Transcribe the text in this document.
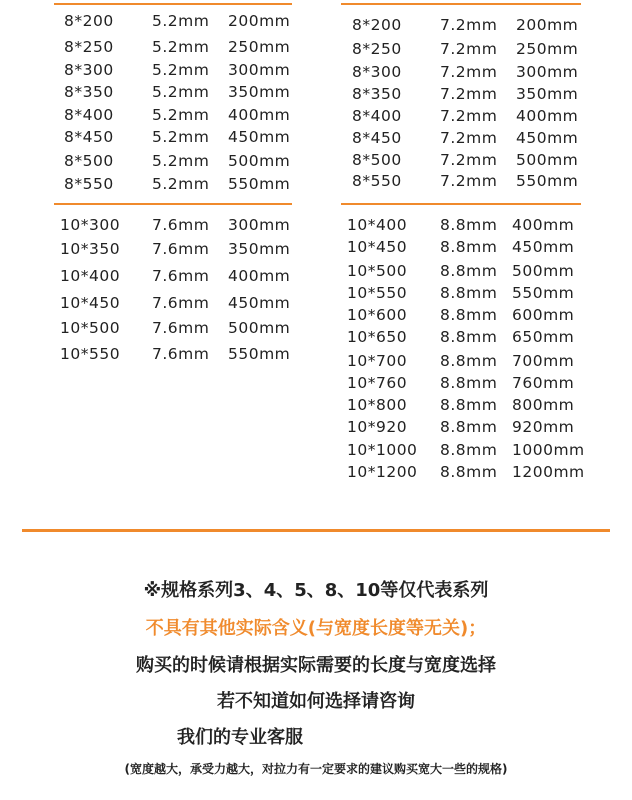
8*200 5.2mm 200mm
8*250 5.2mm 250mm
8*300 5.2mm 300mm
8*350 5.2mm 350mm
8*400 5.2mm 400mm
8*450 5.2mm 450mm
8*500 5.2mm 500mm
8*550 5.2mm 550mm
8*200 7.2mm 200mm
8*250 7.2mm 250mm
8*300 7.2mm 300mm
8*350 7.2mm 350mm
8*400 7.2mm 400mm
8*450 7.2mm 450mm
8*500 7.2mm 500mm
8*550 7.2mm 550mm
10*300 7.6mm 300mm
10*350 7.6mm 350mm
10*400 7.6mm 400mm
10*450 7.6mm 450mm
10*500 7.6mm 500mm
10*550 7.6mm 550mm
10*400 8.8mm 400mm
10*450 8.8mm 450mm
10*500 8.8mm 500mm
10*550 8.8mm 550mm
10*600 8.8mm 600mm
10*650 8.8mm 650mm
10*700 8.8mm 700mm
10*760 8.8mm 760mm
10*800 8.8mm 800mm
10*920 8.8mm 920mm
10*1000 8.8mm 1000mm
10*1200 8.8mm 1200mm
※规格系列3、4、5、8、10等仅代表系列
不具有其他实际含义(与宽度长度等无关)；
购买的时候请根据实际需要的长度与宽度选择
若不知道如何选择请咨询
我们的专业客服
(宽度越大，承受力越大，对拉力有一定要求的建议购买宽大一些的规格)
